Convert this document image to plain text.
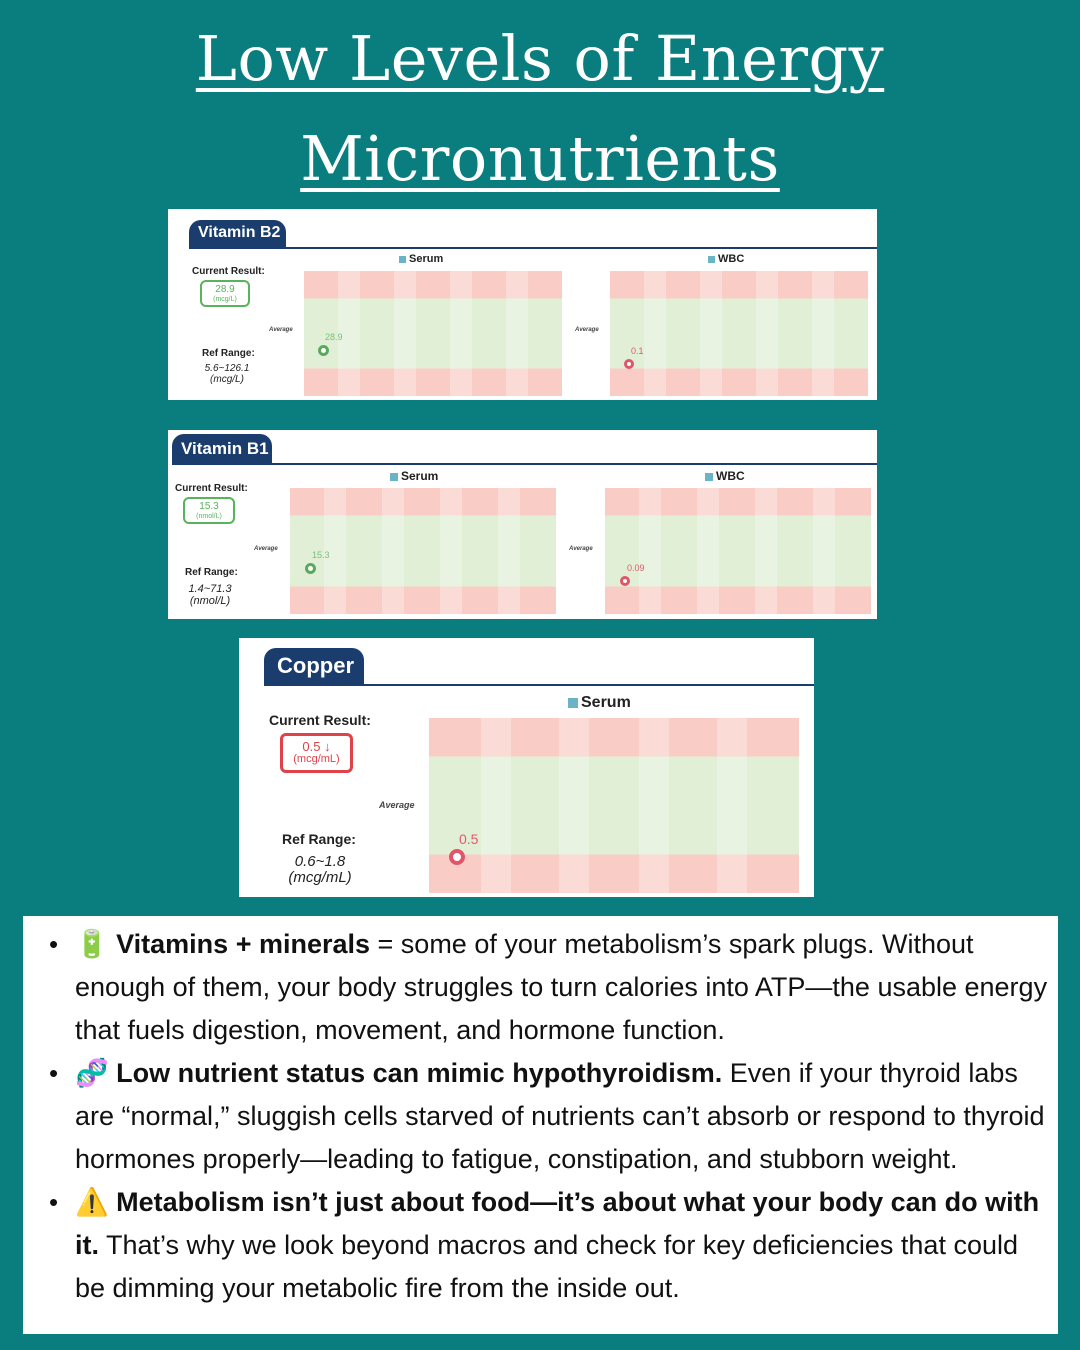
Low Levels of Energy
Micronutrients
Vitamin B2
Serum	WBC
Current Result:
28.9
(mcg/L)
Ref Range:
5.6~126.1
(mcg/L)
Average	Average
28.9
0.1
Vitamin B1
Serum	WBC
Current Result:
15.3
(nmol/L)
Ref Range:
1.4~71.3
(nmol/L)
Average	Average
15.3
0.09
Copper
Serum
Current Result:
0.5 ↓
(mcg/mL)
Ref Range:
0.6~1.8
(mcg/mL)
Average
0.5
• 🔋 Vitamins + minerals = some of your metabolism’s spark plugs. Without enough of them, your body struggles to turn calories into ATP—the usable energy that fuels digestion, movement, and hormone function.
• 🧬 Low nutrient status can mimic hypothyroidism. Even if your thyroid labs are “normal,” sluggish cells starved of nutrients can’t absorb or respond to thyroid hormones properly—leading to fatigue, constipation, and stubborn weight.
• ⚠️ Metabolism isn’t just about food—it’s about what your body can do with it. That’s why we look beyond macros and check for key deficiencies that could be dimming your metabolic fire from the inside out.
